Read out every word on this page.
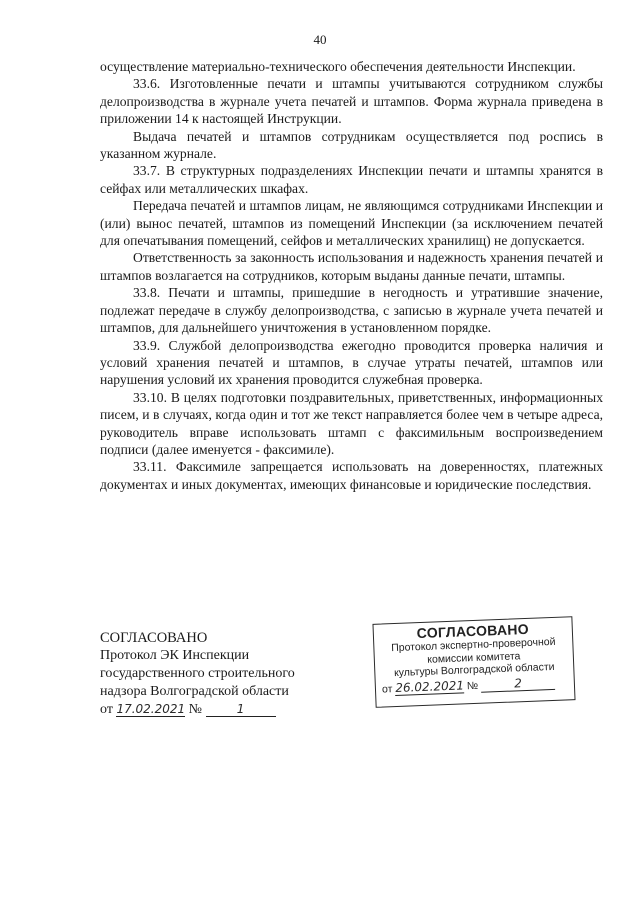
40

осуществление материально-технического обеспечения деятельности Инспекции.

33.6. Изготовленные печати и штампы учитываются сотрудником службы делопроизводства в журнале учета печатей и штампов. Форма журнала приведена в приложении 14 к настоящей Инструкции.

Выдача печатей и штампов сотрудникам осуществляется под роспись в указанном журнале.

33.7. В структурных подразделениях Инспекции печати и штампы хранятся в сейфах или металлических шкафах.

Передача печатей и штампов лицам, не являющимся сотрудниками Инспекции и (или) вынос печатей, штампов из помещений Инспекции (за исключением печатей для опечатывания помещений, сейфов и металлических хранилищ) не допускается.

Ответственность за законность использования и надежность хранения печатей и штампов возлагается на сотрудников, которым выданы данные печати, штампы.

33.8. Печати и штампы, пришедшие в негодность и утратившие значение, подлежат передаче в службу делопроизводства, с записью в журнале учета печатей и штампов, для дальнейшего уничтожения в установленном порядке.

33.9. Службой делопроизводства ежегодно проводится проверка наличия и условий хранения печатей и штампов, в случае утраты печатей, штампов или нарушения условий их хранения проводится служебная проверка.

33.10. В целях подготовки поздравительных, приветственных, информационных писем, и в случаях, когда один и тот же текст направляется более чем в четыре адреса, руководитель вправе использовать штамп с факсимильным воспроизведением подписи (далее именуется - факсимиле).

33.11. Факсимиле запрещается использовать на доверенностях, платежных документах и иных документах, имеющих финансовые и юридические последствия.

СОГЛАСОВАНО
Протокол ЭК Инспекции
государственного строительного
надзора Волгоградской области
от 17.02.2021 №	1
СОГЛАСОВАНО
Протокол экспертно-проверочной
комиссии комитета
культуры Волгоградской области
от 26.02.2021 №	2
